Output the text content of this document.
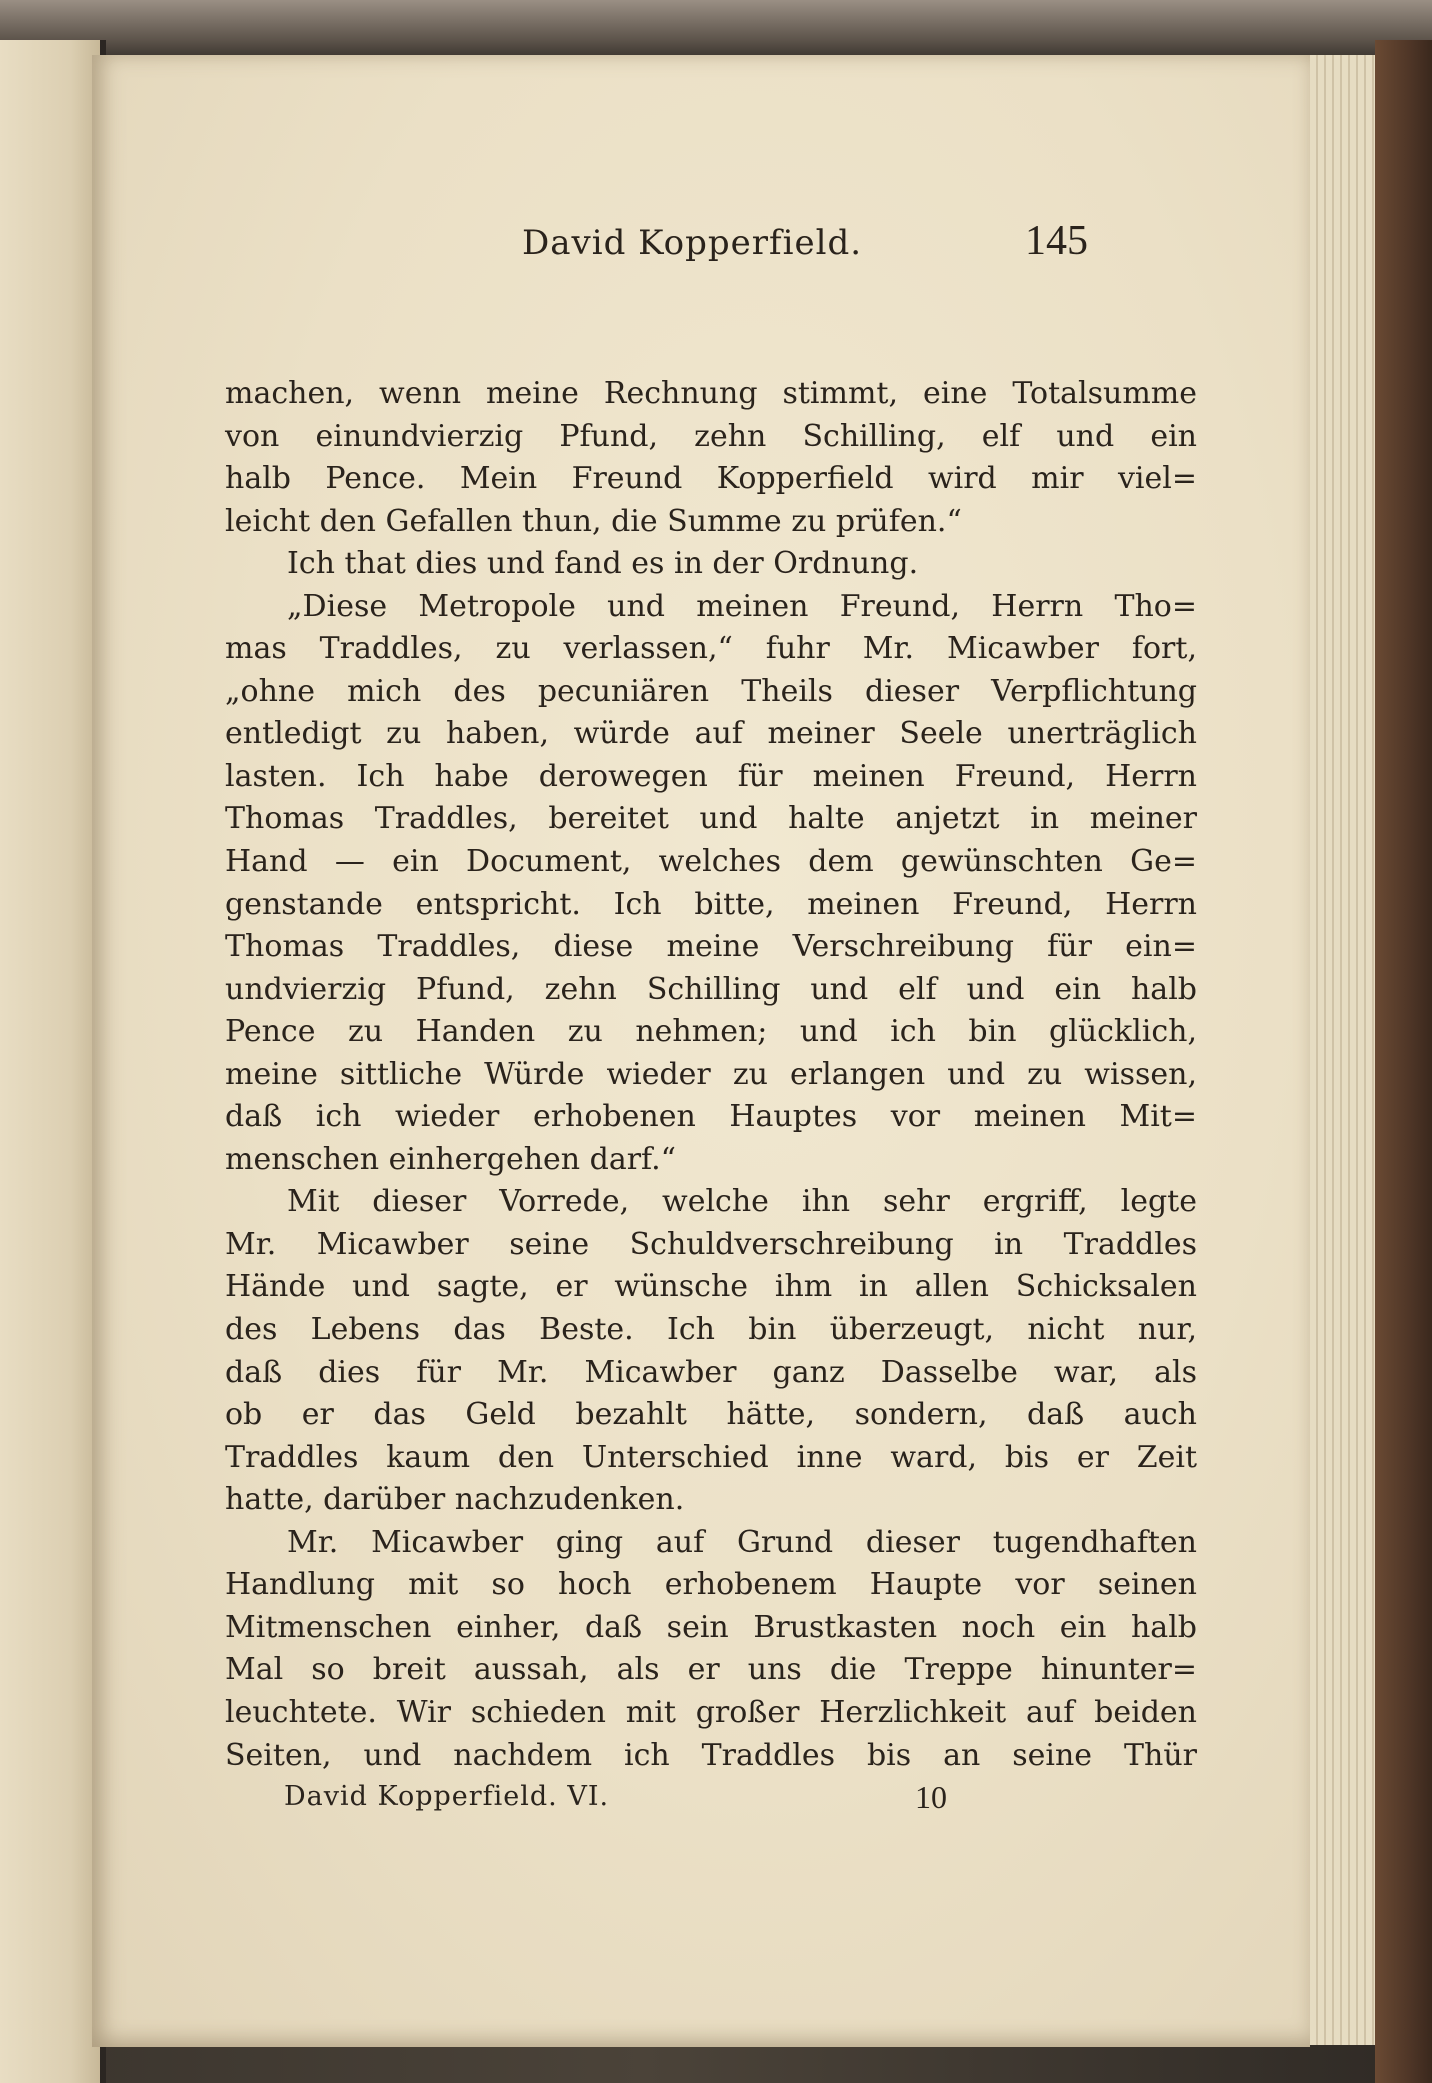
David Kopperfield.	145
machen, wenn meine Rechnung stimmt, eine Totalsumme
von einundvierzig Pfund, zehn Schilling, elf und ein
halb Pence. Mein Freund Kopperfield wird mir viel=
leicht den Gefallen thun, die Summe zu prüfen.“
Ich that dies und fand es in der Ordnung.
„Diese Metropole und meinen Freund, Herrn Tho=
mas Traddles, zu verlassen,“ fuhr Mr. Micawber fort,
„ohne mich des pecuniären Theils dieser Verpflichtung
entledigt zu haben, würde auf meiner Seele unerträglich
lasten. Ich habe derowegen für meinen Freund, Herrn
Thomas Traddles, bereitet und halte anjetzt in meiner
Hand — ein Document, welches dem gewünschten Ge=
genstande entspricht. Ich bitte, meinen Freund, Herrn
Thomas Traddles, diese meine Verschreibung für ein=
undvierzig Pfund, zehn Schilling und elf und ein halb
Pence zu Handen zu nehmen; und ich bin glücklich,
meine sittliche Würde wieder zu erlangen und zu wissen,
daß ich wieder erhobenen Hauptes vor meinen Mit=
menschen einhergehen darf.“
Mit dieser Vorrede, welche ihn sehr ergriff, legte
Mr. Micawber seine Schuldverschreibung in Traddles
Hände und sagte, er wünsche ihm in allen Schicksalen
des Lebens das Beste. Ich bin überzeugt, nicht nur,
daß dies für Mr. Micawber ganz Dasselbe war, als
ob er das Geld bezahlt hätte, sondern, daß auch
Traddles kaum den Unterschied inne ward, bis er Zeit
hatte, darüber nachzudenken.
Mr. Micawber ging auf Grund dieser tugendhaften
Handlung mit so hoch erhobenem Haupte vor seinen
Mitmenschen einher, daß sein Brustkasten noch ein halb
Mal so breit aussah, als er uns die Treppe hinunter=
leuchtete. Wir schieden mit großer Herzlichkeit auf beiden
Seiten, und nachdem ich Traddles bis an seine Thür
David Kopperfield. VI.	10
